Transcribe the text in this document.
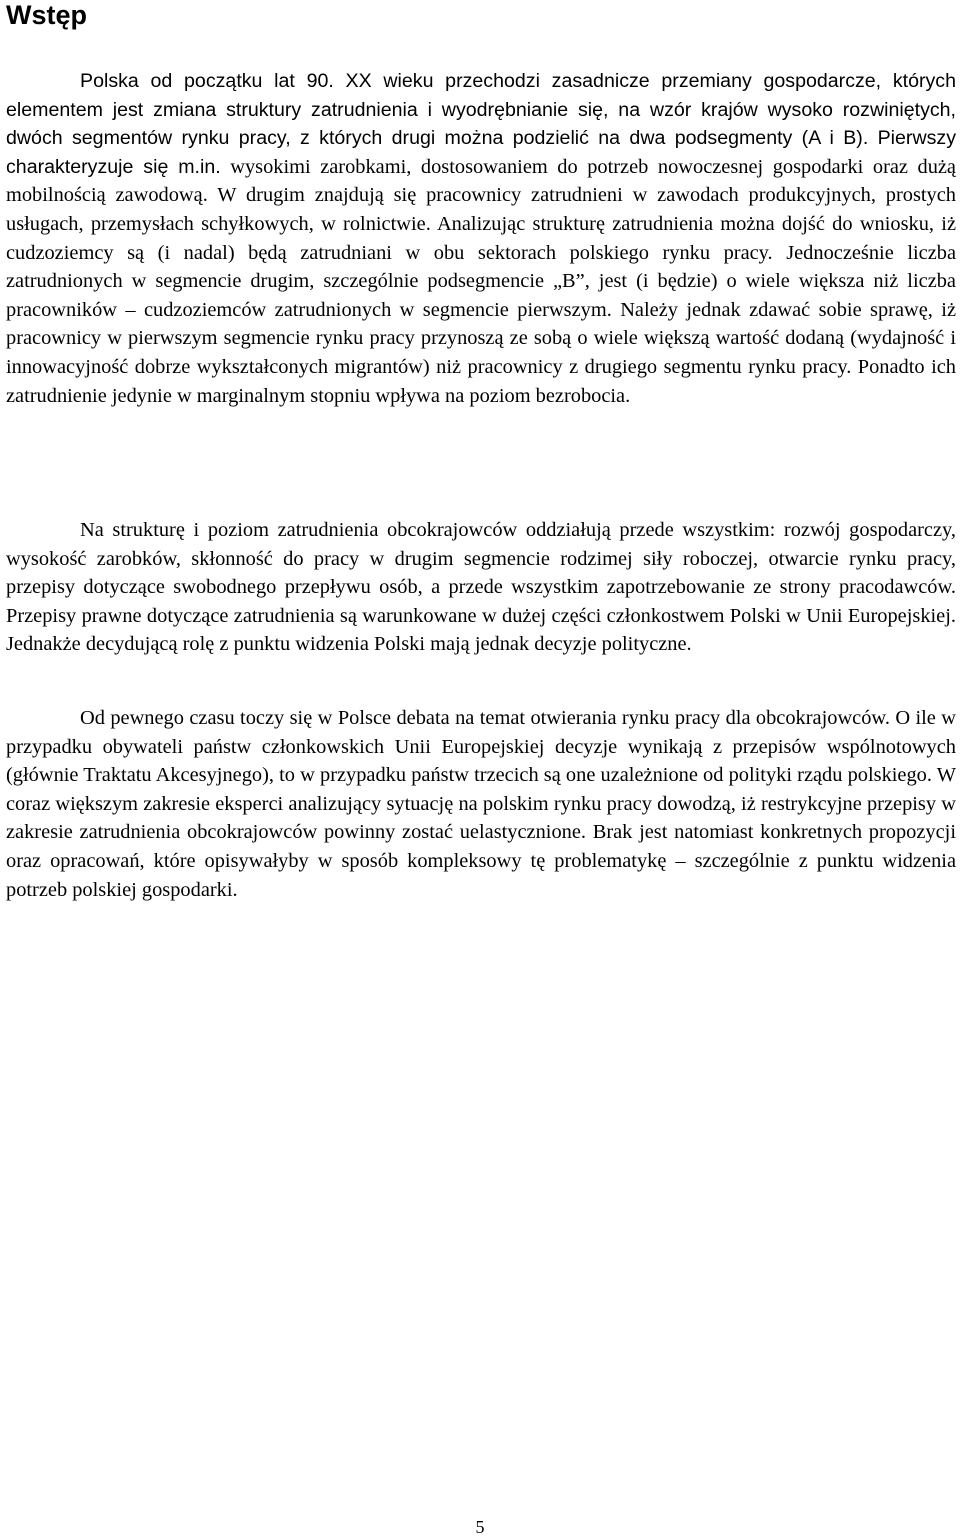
Wstęp

Polska od początku lat 90. XX wieku przechodzi zasadnicze przemiany gospodarcze, których elementem jest zmiana struktury zatrudnienia i wyodrębnianie się, na wzór krajów wysoko rozwiniętych, dwóch segmentów rynku pracy, z których drugi można podzielić na dwa podsegmenty (A i B). Pierwszy charakteryzuje się m.in. wysokimi zarobkami, dostosowaniem do potrzeb nowoczesnej gospodarki oraz dużą mobilnością zawodową. W drugim znajdują się pracownicy zatrudnieni w zawodach produkcyjnych, prostych usługach, przemysłach schyłkowych, w rolnictwie. Analizując strukturę zatrudnienia można dojść do wniosku, iż cudzoziemcy są (i nadal) będą zatrudniani w obu sektorach polskiego rynku pracy. Jednocześnie liczba zatrudnionych w segmencie drugim, szczególnie podsegmencie „B”, jest (i będzie) o wiele większa niż liczba pracowników – cudzoziemców zatrudnionych w segmencie pierwszym. Należy jednak zdawać sobie sprawę, iż pracownicy w pierwszym segmencie rynku pracy przynoszą ze sobą o wiele większą wartość dodaną (wydajność i innowacyjność dobrze wykształconych migrantów) niż pracownicy z drugiego segmentu rynku pracy. Ponadto ich zatrudnienie jedynie w marginalnym stopniu wpływa na poziom bezrobocia.

Na strukturę i poziom zatrudnienia obcokrajowców oddziałują przede wszystkim: rozwój gospodarczy, wysokość zarobków, skłonność do pracy w drugim segmencie rodzimej siły roboczej, otwarcie rynku pracy, przepisy dotyczące swobodnego przepływu osób, a przede wszystkim zapotrzebowanie ze strony pracodawców. Przepisy prawne dotyczące zatrudnienia są warunkowane w dużej części członkostwem Polski w Unii Europejskiej. Jednakże decydującą rolę z punktu widzenia Polski mają jednak decyzje polityczne.

Od pewnego czasu toczy się w Polsce debata na temat otwierania rynku pracy dla obcokrajowców. O ile w przypadku obywateli państw członkowskich Unii Europejskiej decyzje wynikają z przepisów wspólnotowych (głównie Traktatu Akcesyjnego), to w przypadku państw trzecich są one uzależnione od polityki rządu polskiego. W coraz większym zakresie eksperci analizujący sytuację na polskim rynku pracy dowodzą, iż restrykcyjne przepisy w zakresie zatrudnienia obcokrajowców powinny zostać uelastycznione. Brak jest natomiast konkretnych propozycji oraz opracowań, które opisywałyby w sposób kompleksowy tę problematykę – szczególnie z punktu widzenia potrzeb polskiej gospodarki.

5
